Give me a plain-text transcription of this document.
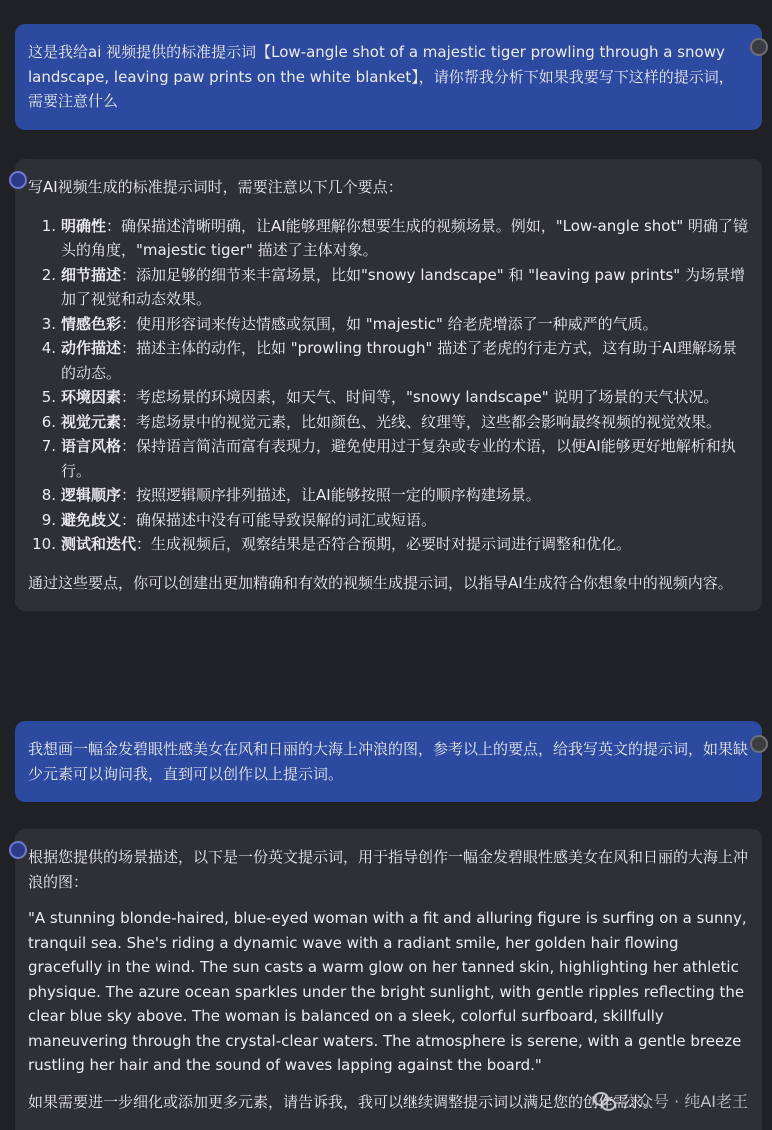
这是我给ai 视频提供的标准提示词【Low-angle shot of a majestic tiger prowling through a snowy landscape, leaving paw prints on the white blanket】，请你帮我分析下如果我要写下这样的提示词，需要注意什么

写AI视频生成的标准提示词时，需要注意以下几个要点：

1. 明确性：确保描述清晰明确，让AI能够理解你想要生成的视频场景。例如，"Low-angle shot" 明确了镜头的角度，"majestic tiger" 描述了主体对象。
2. 细节描述：添加足够的细节来丰富场景，比如"snowy landscape" 和 "leaving paw prints" 为场景增加了视觉和动态效果。
3. 情感色彩：使用形容词来传达情感或氛围，如 "majestic" 给老虎增添了一种威严的气质。
4. 动作描述：描述主体的动作，比如 "prowling through" 描述了老虎的行走方式，这有助于AI理解场景的动态。
5. 环境因素：考虑场景的环境因素，如天气、时间等，"snowy landscape" 说明了场景的天气状况。
6. 视觉元素：考虑场景中的视觉元素，比如颜色、光线、纹理等，这些都会影响最终视频的视觉效果。
7. 语言风格：保持语言简洁而富有表现力，避免使用过于复杂或专业的术语，以便AI能够更好地解析和执行。
8. 逻辑顺序：按照逻辑顺序排列描述，让AI能够按照一定的顺序构建场景。
9. 避免歧义：确保描述中没有可能导致误解的词汇或短语。
10. 测试和迭代：生成视频后，观察结果是否符合预期，必要时对提示词进行调整和优化。

通过这些要点，你可以创建出更加精确和有效的视频生成提示词，以指导AI生成符合你想象中的视频内容。

我想画一幅金发碧眼性感美女在风和日丽的大海上冲浪的图，参考以上的要点，给我写英文的提示词，如果缺少元素可以询问我，直到可以创作以上提示词。

根据您提供的场景描述，以下是一份英文提示词，用于指导创作一幅金发碧眼性感美女在风和日丽的大海上冲浪的图：

"A stunning blonde-haired, blue-eyed woman with a fit and alluring figure is surfing on a sunny, tranquil sea. She's riding a dynamic wave with a radiant smile, her golden hair flowing gracefully in the wind. The sun casts a warm glow on her tanned skin, highlighting her athletic physique. The azure ocean sparkles under the bright sunlight, with gentle ripples reflecting the clear blue sky above. The woman is balanced on a sleek, colorful surfboard, skillfully maneuvering through the crystal-clear waters. The atmosphere is serene, with a gentle breeze rustling her hair and the sound of waves lapping against the board."

如果需要进一步细化或添加更多元素，请告诉我，我可以继续调整提示词以满足您的创作需求。

公众号 · 纯AI老王
